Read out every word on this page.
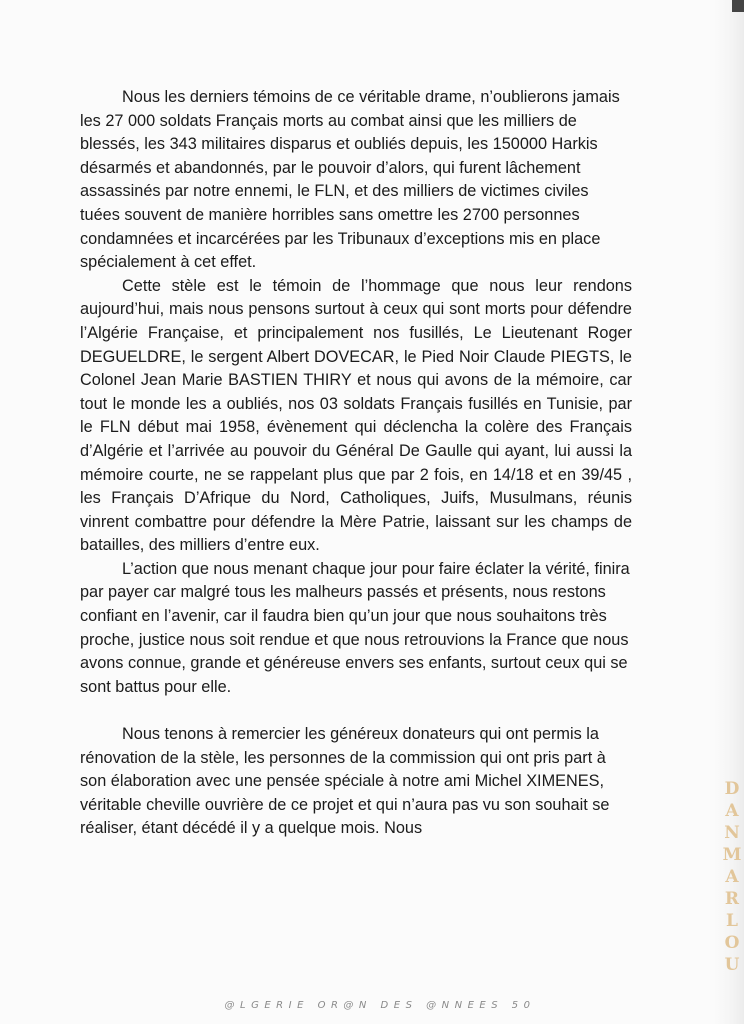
Nous les derniers témoins de ce véritable drame, n’oublierons jamais les 27 000 soldats Français morts au combat ainsi que les milliers de blessés, les 343 militaires disparus et oubliés depuis, les 150000 Harkis désarmés et abandonnés, par le pouvoir d’alors, qui furent lâchement assassinés par notre ennemi, le FLN, et des milliers de victimes civiles tuées souvent de manière horribles sans omettre les 2700 personnes condamnées et incarcérées par les Tribunaux d’exceptions mis en place spécialement à cet effet.

Cette stèle est le témoin de l’hommage que nous leur rendons aujourd’hui, mais nous pensons surtout à ceux qui sont morts pour défendre l’Algérie Française, et principalement nos fusillés, Le Lieutenant Roger DEGUELDRE, le sergent Albert DOVECAR, le Pied Noir Claude PIEGTS, le Colonel Jean Marie BASTIEN THIRY et nous qui avons de la mémoire, car tout le monde les a oubliés, nos 03 soldats Français fusillés en Tunisie, par le FLN début mai 1958, évènement qui déclencha la colère des Français d’Algérie et l’arrivée au pouvoir du Général De Gaulle qui ayant, lui aussi la mémoire courte, ne se rappelant plus que par 2 fois, en 14/18 et en 39/45 , les Français D’Afrique du Nord, Catholiques, Juifs, Musulmans, réunis vinrent combattre pour défendre la Mère Patrie, laissant sur les champs de batailles, des milliers d’entre eux.

L’action que nous menant chaque jour pour faire éclater la vérité, finira par payer car malgré tous les malheurs passés et présents, nous restons confiant en l’avenir, car il faudra bien qu’un jour que nous souhaitons très proche, justice nous soit rendue et que nous retrouvions la France que nous avons connue, grande et généreuse envers ses enfants, surtout ceux qui se sont battus pour elle.

Nous tenons à remercier les généreux donateurs qui ont permis la rénovation de la stèle, les personnes de la commission qui ont pris part à son élaboration avec une pensée spéciale à notre ami Michel XIMENES, véritable cheville ouvrière de ce projet et qui n’aura pas vu son souhait se réaliser, étant décédé il y a quelque mois. Nous	DANMARLOU
@LGERIE OR@N DES @NNEES 50
